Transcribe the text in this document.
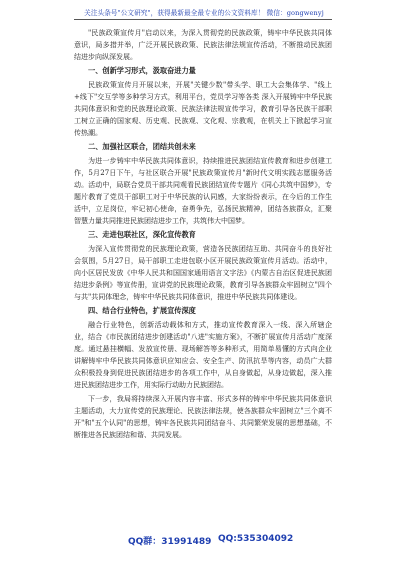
关注头条号"公文研究"，获得最新最全最专业的公文资料库！ 微信：gongwenyj

"民族政策宣传月"启动以来，为深入贯彻党的民族政策，铸牢中华民族共同体意识，局多措并举，广泛开展民族政策、民族法律法规宣传活动，不断推动民族团结进步向纵深发展。

一、创新学习形式，汲取奋进力量

民族政策宣传月开展以来，开展"关键少数"带头学、职工大会集体学、"线上+线下"交互学等多种学习方式，利用平台，党员学习等各类 深入开展铸牢中华民族共同体意识和党的民族理论政策、民族法律法规宣传学习，教育引导各民族干部职工树立正确的国家观、历史观、民族观、文化观、宗教观，在机关上下掀起学习宣传热潮。

二、加强社区联合，团结共创未来

为进一步铸牢中华民族共同体意识，持续推进民族团结宣传教育和进步创建工作，5月27日下午，与社区联合开展"民族政策宣传月"新时代文明实践志愿服务活动。活动中，局联合党员干部共同观看民族团结宣传专题片《同心共筑中国梦》，专题片教育了党员干部职工对于中华民族的认同感，大家纷纷表示，在今后的工作生活中，立足岗位，牢记初心使命，奋勇争先，弘扬民族精神，团结各族群众，汇聚智慧力量共同推进民族团结进步工作，共筑伟大中国梦。

三、走进包联社区，深化宣传教育

为深入宣传贯彻党的民族理论政策，营造各民族团结互助、共同奋斗的良好社会氛围，5月27日，局干部职工走进包联小区开展民族政策宣传月活动。活动中，向小区居民发放《中华人民共和国国家通用语言文字法》《内蒙古自治区促进民族团结进步条例》等宣传册，宣讲党的民族理论政策，教育引导各族群众牢固树立"四个与共"共同体理念，铸牢中华民族共同体意识，推进中华民族共同体建设。

四、结合行业特色，扩展宣传深度

融合行业特色，创新活动载体和方式，推动宣传教育深入一线、深入所辖企业，结合《市民族团结进步创建活动"八进"实施方案》，不断扩展宣传月活动广度深度。通过悬挂横幅、发放宣传册、现场解答等多种形式，用简单易懂的方式向企业讲解铸牢中华民族共同体意识应知应会、安全生产、防汛抗旱等内容，动员广大群众积极投身到促进民族团结进步的各项工作中，从自身做起，从身边做起，深入推进民族团结进步工作，用实际行动助力民族团结。

下一步，我局将持续深入开展内容丰富、形式多样的铸牢中华民族共同体意识主题活动，大力宣传党的民族理论、民族法律法规，使各族群众牢固树立"三个离不开"和"五个认同"的思想，铸牢各民族共同团结奋斗、共同繁荣发展的思想基础，不断推进各民族团结和谐、共同发展。

QQ群：31991489 QQ:535304092
